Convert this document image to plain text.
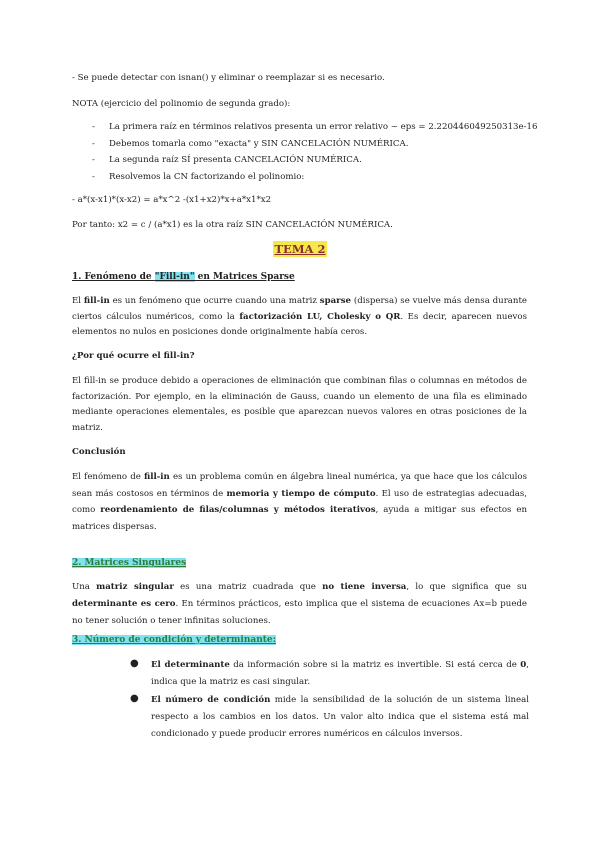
- Se puede detectar con isnan() y eliminar o reemplazar si es necesario.
NOTA (ejercicio del polinomio de segunda grado):
- La primera raíz en términos relativos presenta un error relativo ~ eps = 2.220446049250313e-16
- Debemos tomarla como "exacta" y SIN CANCELACIÓN NUMÉRICA.
- La segunda raíz SÍ presenta CANCELACIÓN NUMÉRICA.
- Resolvemos la CN factorizando el polinomio:
- a*(x-x1)*(x-x2) = a*x^2 -(x1+x2)*x+a*x1*x2
Por tanto: x2 = c / (a*x1) es la otra raíz SIN CANCELACIÓN NUMÉRICA.
TEMA 2
1. Fenómeno de "Fill-in" en Matrices Sparse
El fill-in es un fenómeno que ocurre cuando una matriz sparse (dispersa) se vuelve más densa durante ciertos cálculos numéricos, como la factorización LU, Cholesky o QR. Es decir, aparecen nuevos elementos no nulos en posiciones donde originalmente había ceros.
¿Por qué ocurre el fill-in?
El fill-in se produce debido a operaciones de eliminación que combinan filas o columnas en métodos de factorización. Por ejemplo, en la eliminación de Gauss, cuando un elemento de una fila es eliminado mediante operaciones elementales, es posible que aparezcan nuevos valores en otras posiciones de la matriz.
Conclusión
El fenómeno de fill-in es un problema común en álgebra lineal numérica, ya que hace que los cálculos sean más costosos en términos de memoria y tiempo de cómputo. El uso de estrategias adecuadas, como reordenamiento de filas/columnas y métodos iterativos, ayuda a mitigar sus efectos en matrices dispersas.
2. Matrices Singulares
Una matriz singular es una matriz cuadrada que no tiene inversa, lo que significa que su determinante es cero. En términos prácticos, esto implica que el sistema de ecuaciones Ax=b puede no tener solución o tener infinitas soluciones.
3. Número de condición y determinante:
● El determinante da información sobre si la matriz es invertible. Si está cerca de 0, indica que la matriz es casi singular.
● El número de condición mide la sensibilidad de la solución de un sistema lineal respecto a los cambios en los datos. Un valor alto indica que el sistema está mal condicionado y puede producir errores numéricos en cálculos inversos.
